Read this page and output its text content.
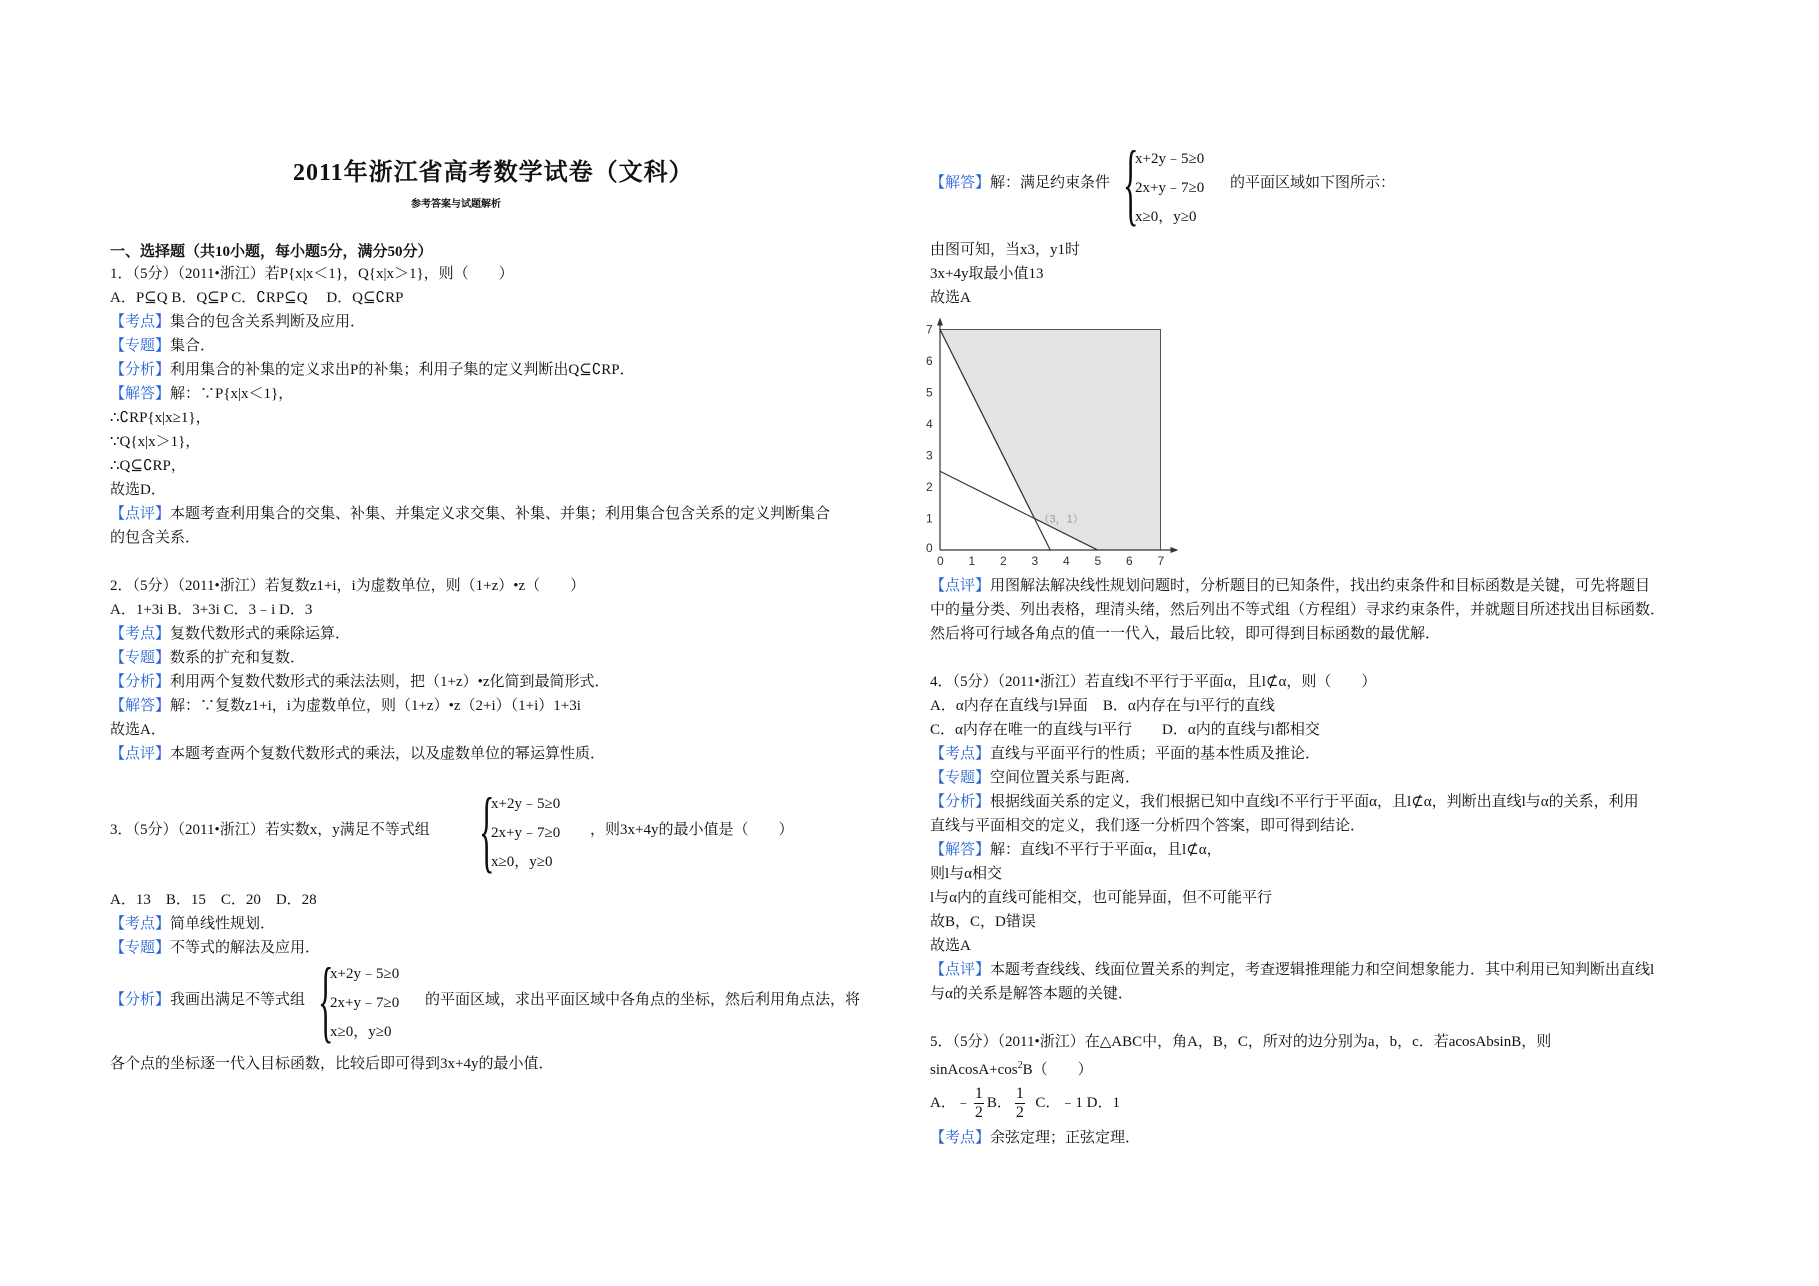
2011年浙江省高考数学试卷（文科）
参考答案与试题解析
一、选择题（共10小题，每小题5分，满分50分）
1．（5分）（2011•浙江）若P{x|x＜1}，Q{x|x＞1}，则（　　）
A．P⊆Q B．Q⊆P C．∁RP⊆Q　 D．Q⊆∁RP
【考点】集合的包含关系判断及应用．
【专题】集合．
【分析】利用集合的补集的定义求出P的补集；利用子集的定义判断出Q⊆∁RP．
【解答】解：∵P{x|x＜1}，
∴∁RP{x|x≥1}，
∵Q{x|x＞1}，
∴Q⊆∁RP，
故选D．
【点评】本题考查利用集合的交集、补集、并集定义求交集、补集、并集；利用集合包含关系的定义判断集合
的包含关系．
2．（5分）（2011•浙江）若复数z1+i，i为虚数单位，则（1+z）•z（　　）
A．1+3i B．3+3i C．3﹣i D．3
【考点】复数代数形式的乘除运算．
【专题】数系的扩充和复数．
【分析】利用两个复数代数形式的乘法法则，把（1+z）•z化简到最简形式．
【解答】解：∵复数z1+i，i为虚数单位，则（1+z）•z（2+i）（1+i）1+3i
故选A．
【点评】本题考查两个复数代数形式的乘法，以及虚数单位的幂运算性质．
3．（5分）（2011•浙江）若实数x，y满足不等式组 {
x+2y﹣5≥0
2x+y﹣7≥0
x≥0，y≥0
，则3x+4y的最小值是（　　）
A．13　B．15　C．20　D．28
【考点】简单线性规划．
【专题】不等式的解法及应用．
【分析】我画出满足不等式组 {
x+2y﹣5≥0
2x+y﹣7≥0
x≥0，y≥0
的平面区域，求出平面区域中各角点的坐标，然后利用角点法，将
各个点的坐标逐一代入目标函数，比较后即可得到3x+4y的最小值．
【解答】解：满足约束条件 {
x+2y﹣5≥0
2x+y﹣7≥0
x≥0，y≥0
的平面区域如下图所示：
由图可知，当x3，y1时
3x+4y取最小值13
故选A
0 1 2 3 4 5 6 7
1
2
3
4
5
6
7
0
（3，1）
【点评】用图解法解决线性规划问题时，分析题目的已知条件，找出约束条件和目标函数是关键，可先将题目
中的量分类、列出表格，理清头绪，然后列出不等式组（方程组）寻求约束条件，并就题目所述找出目标函数．
然后将可行域各角点的值一一代入，最后比较，即可得到目标函数的最优解．
4．（5分）（2011•浙江）若直线l不平行于平面α，且l⊄α，则（　　）
A．α内存在直线与l异面　B．α内存在与l平行的直线
C．α内存在唯一的直线与l平行　　D．α内的直线与l都相交
【考点】直线与平面平行的性质；平面的基本性质及推论．
【专题】空间位置关系与距离．
【分析】根据线面关系的定义，我们根据已知中直线l不平行于平面α，且l⊄α，判断出直线l与α的关系，利用
直线与平面相交的定义，我们逐一分析四个答案，即可得到结论．
【解答】解：直线l不平行于平面α，且l⊄α，
则l与α相交
l与α内的直线可能相交，也可能异面，但不可能平行
故B，C，D错误
故选A
【点评】本题考查线线、线面位置关系的判定，考查逻辑推理能力和空间想象能力．其中利用已知判断出直线l
与α的关系是解答本题的关键．
5．（5分）（2011•浙江）在△ABC中，角A，B，C，所对的边分别为a，b，c．若acosAbsinB，则
$sinAcosA+\cos^2B$（　　）
A．﹣ $\frac{1}{2}$ B． $\frac{1}{2}$ C．﹣1 D．1
【考点】余弦定理；正弦定理．
